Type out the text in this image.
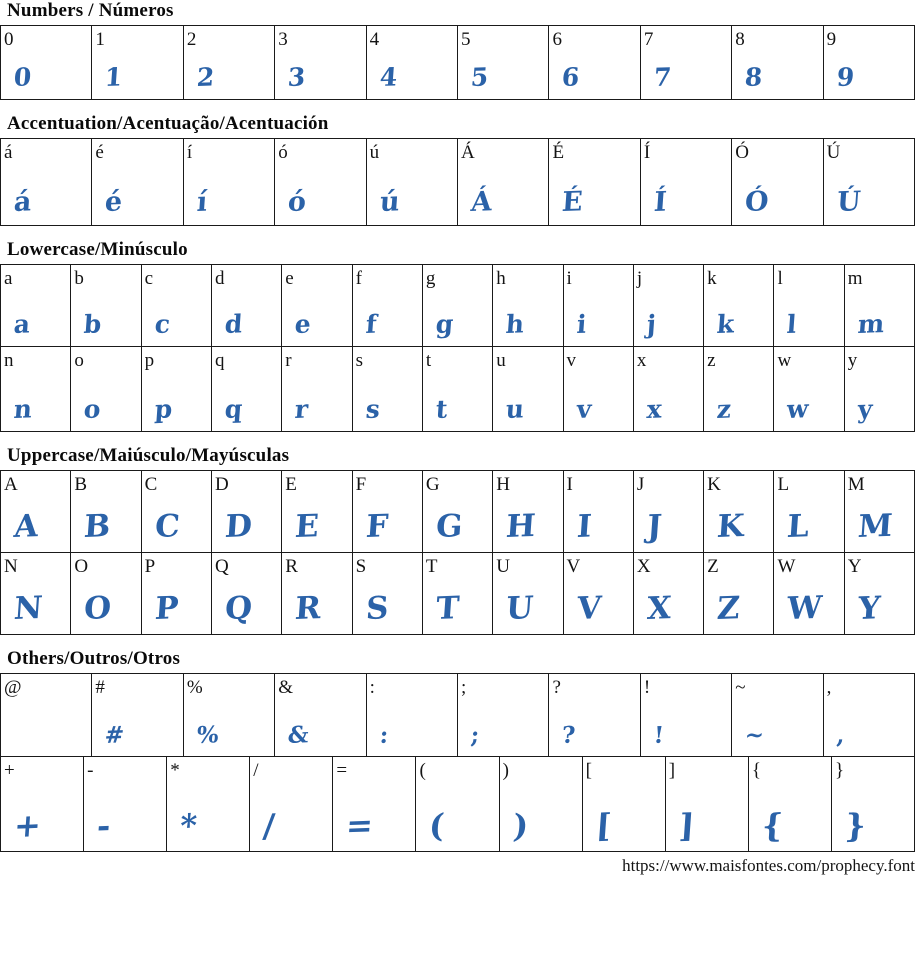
Numbers / Números
0
0
1
1
2
2
3
3
4
4
5
5
6
6
7
7
8
8
9
9
Accentuation/Acentuação/Acentuación
á
á
é
é
í
í
ó
ó
ú
ú
Á
Á
É
É
Í
Í
Ó
Ó
Ú
Ú
Lowercase/Minúsculo
a
a
b
b
c
c
d
d
e
e
f
f
g
g
h
h
i
i
j
j
k
k
l
l
m
m
n
n
o
o
p
p
q
q
r
r
s
s
t
t
u
u
v
v
x
x
z
z
w
w
y
y
Uppercase/Maiúsculo/Mayúsculas
A
A
B
B
C
C
D
D
E
E
F
F
G
G
H
H
I
I
J
J
K
K
L
L
M
M
N
N
O
O
P
P
Q
Q
R
R
S
S
T
T
U
U
V
V
X
X
Z
Z
W
W
Y
Y
Others/Outros/Otros
@	#
#
%
%
&
&
:
:
;
;
?
?
!
!
~
~
,
,
+
+
-
-
*
*
/
/
=
=
(
(
)
)
[
[
]
]
{
{
}
}
https://www.maisfontes.com/prophecy.font
